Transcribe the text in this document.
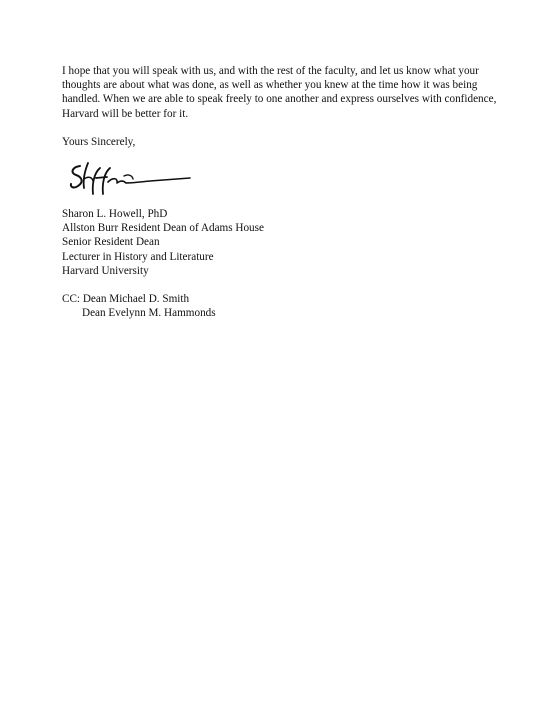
I hope that you will speak with us, and with the rest of the faculty, and let us know what your thoughts are about what was done, as well as whether you knew at the time how it was being handled. When we are able to speak freely to one another and express ourselves with confidence, Harvard will be better for it.

Yours Sincerely,
Sharon L. Howell, PhD
Allston Burr Resident Dean of Adams House
Senior Resident Dean
Lecturer in History and Literature
Harvard University
CC: Dean Michael D. Smith
Dean Evelynn M. Hammonds
